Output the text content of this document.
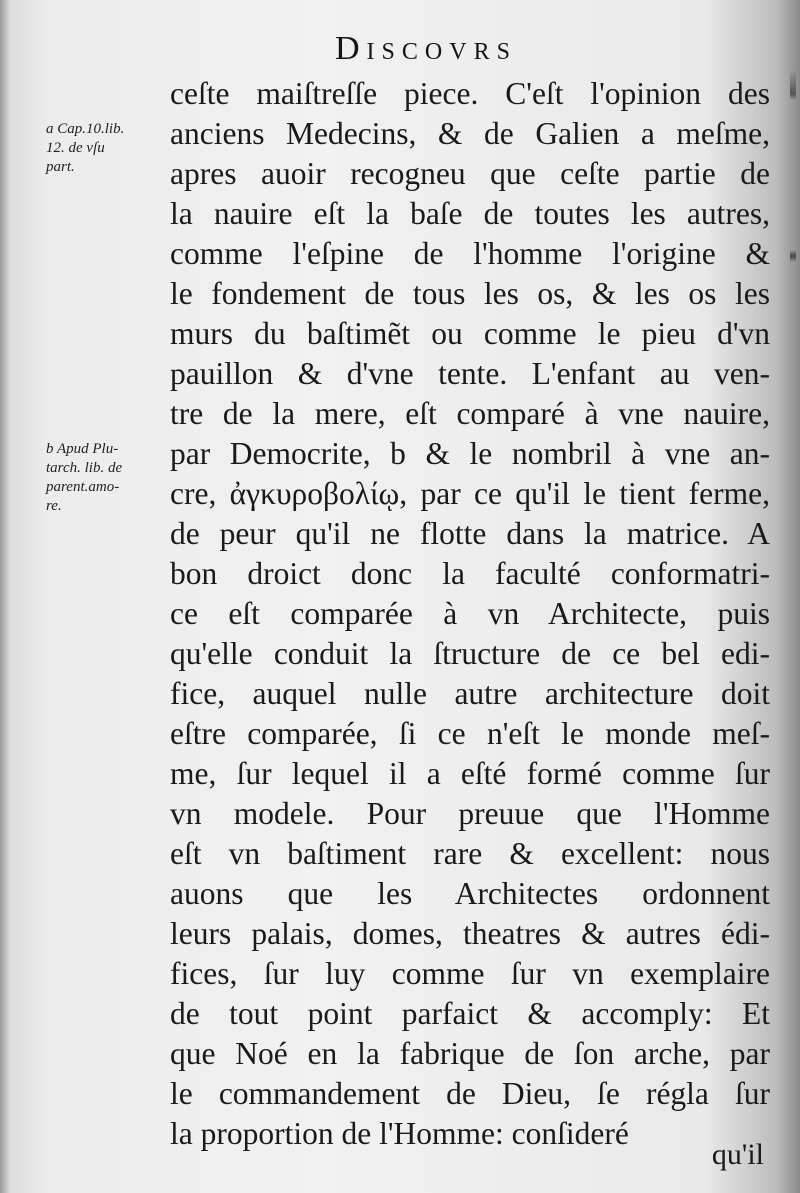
Discovrs
a Cap.10.lib.
12. de vſu
part.
b Apud Plu-
tarch. lib. de
parent.amo-
re.
ceſte maiſtreſſe piece. C'eſt l'opinion des
anciens Medecins, & de Galien a meſme,
apres auoir recogneu que ceſte partie de
la nauire eſt la baſe de toutes les autres,
comme l'eſpine de l'homme l'origine &
le fondement de tous les os, & les os les
murs du baſtimẽt ou comme le pieu d'vn
pauillon & d'vne tente. L'enfant au ven-
tre de la mere, eſt comparé à vne nauire,
par Democrite, b & le nombril à vne an-
cre, ἀγκυροβολίῳ, par ce qu'il le tient ferme,
de peur qu'il ne flotte dans la matrice. A
bon droict donc la faculté conformatri-
ce eſt comparée à vn Architecte, puis
qu'elle conduit la ſtructure de ce bel edi-
fice, auquel nulle autre architecture doit
eſtre comparée, ſi ce n'eſt le monde meſ-
me, ſur lequel il a eſté formé comme ſur
vn modele. Pour preuue que l'Homme
eſt vn baſtiment rare & excellent: nous
auons que les Architectes ordonnent
leurs palais, domes, theatres & autres édi-
fices, ſur luy comme ſur vn exemplaire
de tout point parfaict & accomply: Et
que Noé en la fabrique de ſon arche, par
le commandement de Dieu, ſe régla ſur
la proportion de l'Homme: conſideré
qu'il
